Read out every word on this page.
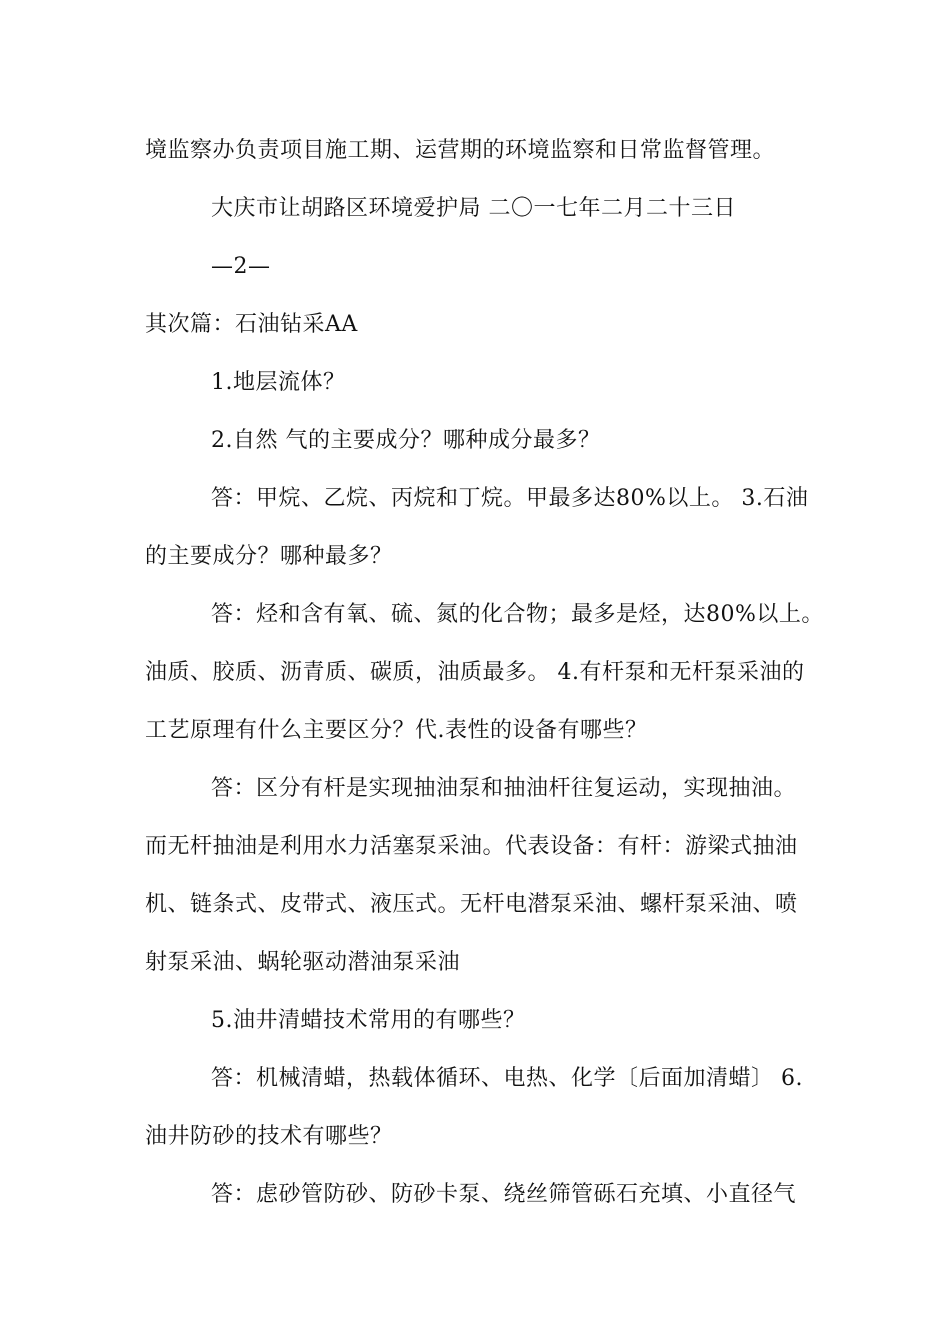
境监察办负责项目施工期、运营期的环境监察和日常监督管理。
大庆市让胡路区环境爱护局 二〇一七年二月二十三日
—2—
其次篇：石油钻采AA
1.地层流体？
2.自然 气的主要成分？哪种成分最多？
答：甲烷、乙烷、丙烷和丁烷。甲最多达80%以上。 3.石油
的主要成分？哪种最多？
答：烃和含有氧、硫、氮的化合物；最多是烃，达80%以上。
油质、胶质、沥青质、碳质，油质最多。 4.有杆泵和无杆泵采油的
工艺原理有什么主要区分？代.表性的设备有哪些？
答：区分有杆是实现抽油泵和抽油杆往复运动，实现抽油。
而无杆抽油是利用水力活塞泵采油。代表设备：有杆：游梁式抽油
机、链条式、皮带式、液压式。无杆电潜泵采油、螺杆泵采油、喷
射泵采油、蜗轮驱动潜油泵采油
5.油井清蜡技术常用的有哪些？
答：机械清蜡，热载体循环、电热、化学〔后面加清蜡〕 6.
油井防砂的技术有哪些？
答：虑砂管防砂、防砂卡泵、绕丝筛管砾石充填、小直径气
